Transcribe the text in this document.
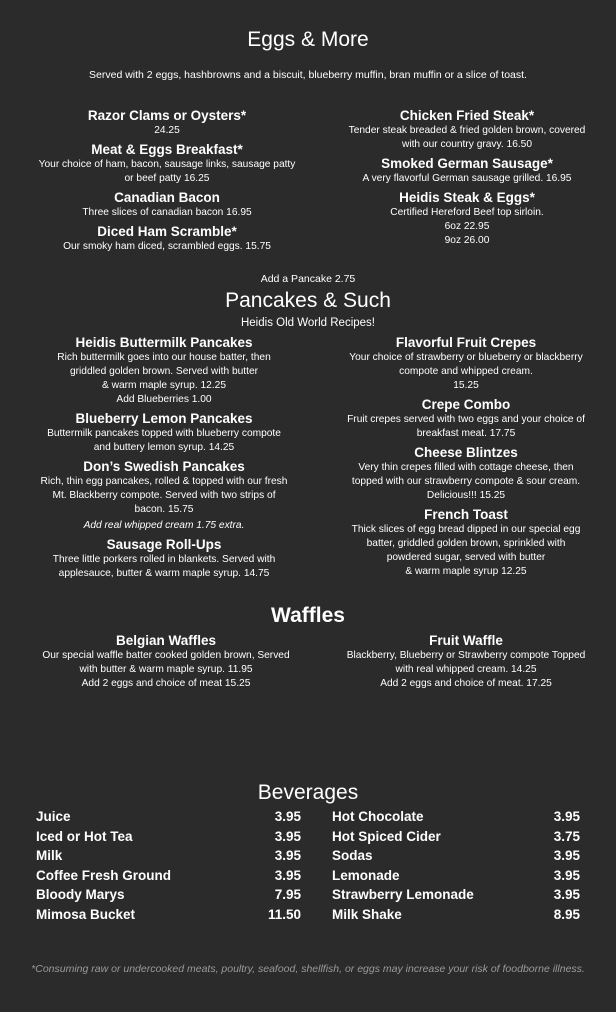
Eggs & More
Served with 2 eggs, hashbrowns and a biscuit, blueberry muffin, bran muffin or a slice of toast.
Razor Clams or Oysters*
24.25
Meat & Eggs Breakfast*
Your choice of ham, bacon, sausage links, sausage patty
or beef patty 16.25
Canadian Bacon
Three slices of canadian bacon 16.95
Diced Ham Scramble*
Our smoky ham diced, scrambled eggs. 15.75
Chicken Fried Steak*
Tender steak breaded & fried golden brown, covered
with our country gravy. 16.50
Smoked German Sausage*
A very flavorful German sausage grilled. 16.95
Heidis Steak & Eggs*
Certified Hereford Beef top sirloin.
6oz 22.95
9oz 26.00
Add a Pancake 2.75
Pancakes & Such
Heidis Old World Recipes!
Heidis Buttermilk Pancakes
Rich buttermilk goes into our house batter, then
griddled golden brown. Served with butter
& warm maple syrup. 12.25
Add Blueberries 1.00
Blueberry Lemon Pancakes
Buttermilk pancakes topped with blueberry compote
and buttery lemon syrup. 14.25
Don’s Swedish Pancakes
Rich, thin egg pancakes, rolled & topped with our fresh
Mt. Blackberry compote. Served with two strips of
bacon. 15.75
Add real whipped cream 1.75 extra.
Sausage Roll-Ups
Three little porkers rolled in blankets. Served with
applesauce, butter & warm maple syrup. 14.75
Flavorful Fruit Crepes
Your choice of strawberry or blueberry or blackberry
compote and whipped cream.
15.25
Crepe Combo
Fruit crepes served with two eggs and your choice of
breakfast meat. 17.75
Cheese Blintzes
Very thin crepes filled with cottage cheese, then
topped with our strawberry compote & sour cream.
Delicious!!! 15.25
French Toast
Thick slices of egg bread dipped in our special egg
batter, griddled golden brown, sprinkled with
powdered sugar, served with butter
& warm maple syrup 12.25
Waffles
Belgian Waffles
Our special waffle batter cooked golden brown, Served
with butter & warm maple syrup. 11.95
Add 2 eggs and choice of meat 15.25
Fruit Waffle
Blackberry, Blueberry or Strawberry compote Topped
with real whipped cream. 14.25
Add 2 eggs and choice of meat. 17.25
Beverages
Juice	3.95
Iced or Hot Tea	3.95
Milk	3.95
Coffee Fresh Ground	3.95
Bloody Marys	7.95
Mimosa Bucket	11.50
Hot Chocolate	3.95
Hot Spiced Cider	3.75
Sodas	3.95
Lemonade	3.95
Strawberry Lemonade	3.95
Milk Shake	8.95
*Consuming raw or undercooked meats, poultry, seafood, shellfish, or eggs may increase your risk of foodborne illness.
